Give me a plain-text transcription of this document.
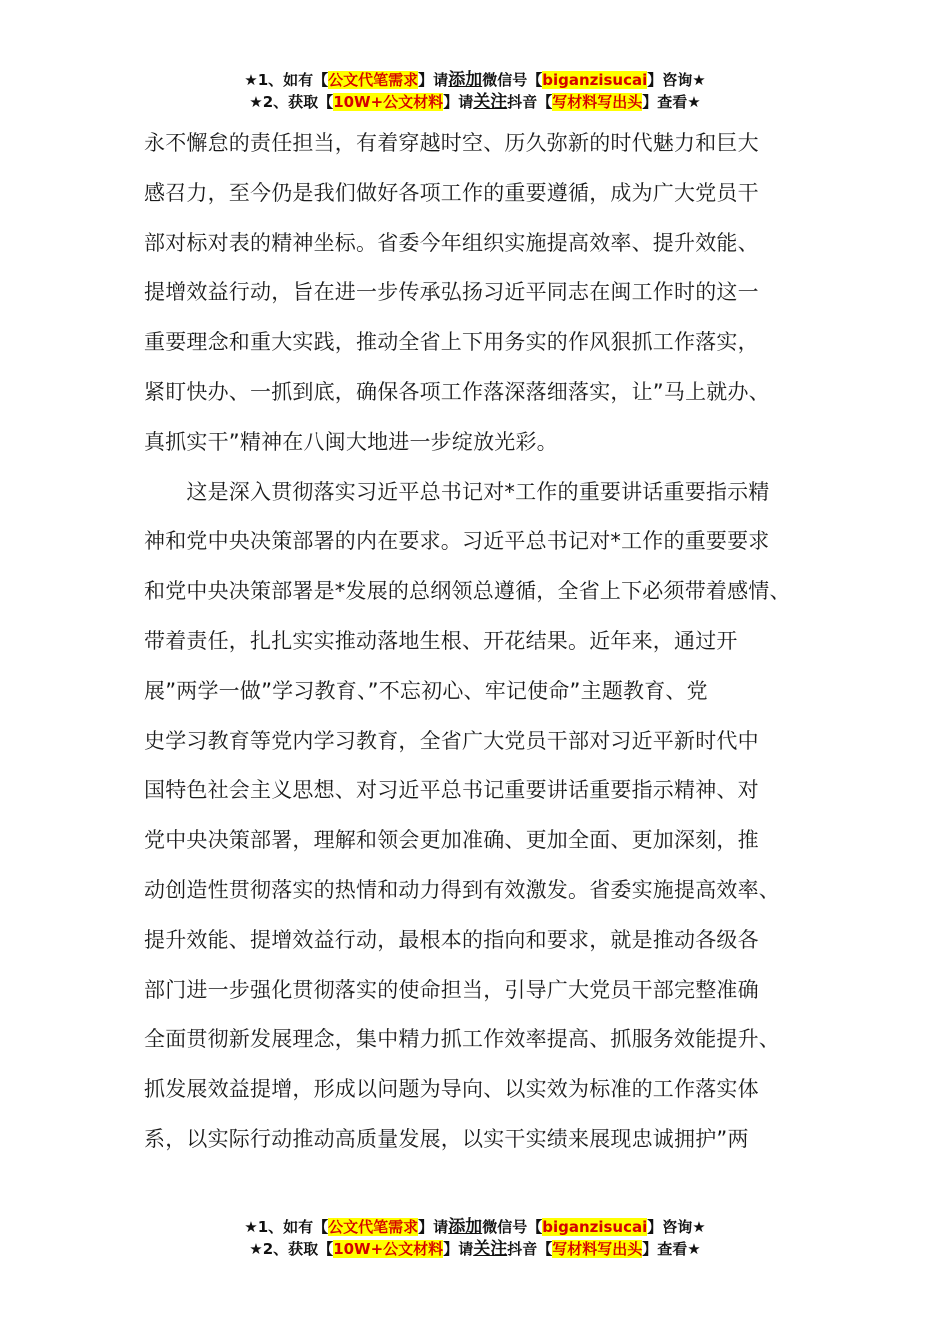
★1、如有【公文代笔需求】请添加微信号【biganzisucai】咨询★
★2、获取【10W+公文材料】请关注抖音【写材料写出头】查看★
永不懈怠的责任担当，有着穿越时空、历久弥新的时代魅力和巨大
感召力，至今仍是我们做好各项工作的重要遵循，成为广大党员干
部对标对表的精神坐标。省委今年组织实施提高效率、提升效能、
提增效益行动，旨在进一步传承弘扬习近平同志在闽工作时的这一
重要理念和重大实践，推动全省上下用务实的作风狠抓工作落实，
紧盯快办、一抓到底，确保各项工作落深落细落实，让”马上就办、
真抓实干”精神在八闽大地进一步绽放光彩。
　　这是深入贯彻落实习近平总书记对*工作的重要讲话重要指示精
神和党中央决策部署的内在要求。习近平总书记对*工作的重要要求
和党中央决策部署是*发展的总纲领总遵循，全省上下必须带着感情、
带着责任，扎扎实实推动落地生根、开花结果。近年来，通过开
展”两学一做”学习教育、”不忘初心、牢记使命”主题教育、党
史学习教育等党内学习教育，全省广大党员干部对习近平新时代中
国特色社会主义思想、对习近平总书记重要讲话重要指示精神、对
党中央决策部署，理解和领会更加准确、更加全面、更加深刻，推
动创造性贯彻落实的热情和动力得到有效激发。省委实施提高效率、
提升效能、提增效益行动，最根本的指向和要求，就是推动各级各
部门进一步强化贯彻落实的使命担当，引导广大党员干部完整准确
全面贯彻新发展理念，集中精力抓工作效率提高、抓服务效能提升、
抓发展效益提增，形成以问题为导向、以实效为标准的工作落实体
系，以实际行动推动高质量发展，以实干实绩来展现忠诚拥护”两
★1、如有【公文代笔需求】请添加微信号【biganzisucai】咨询★
★2、获取【10W+公文材料】请关注抖音【写材料写出头】查看★
